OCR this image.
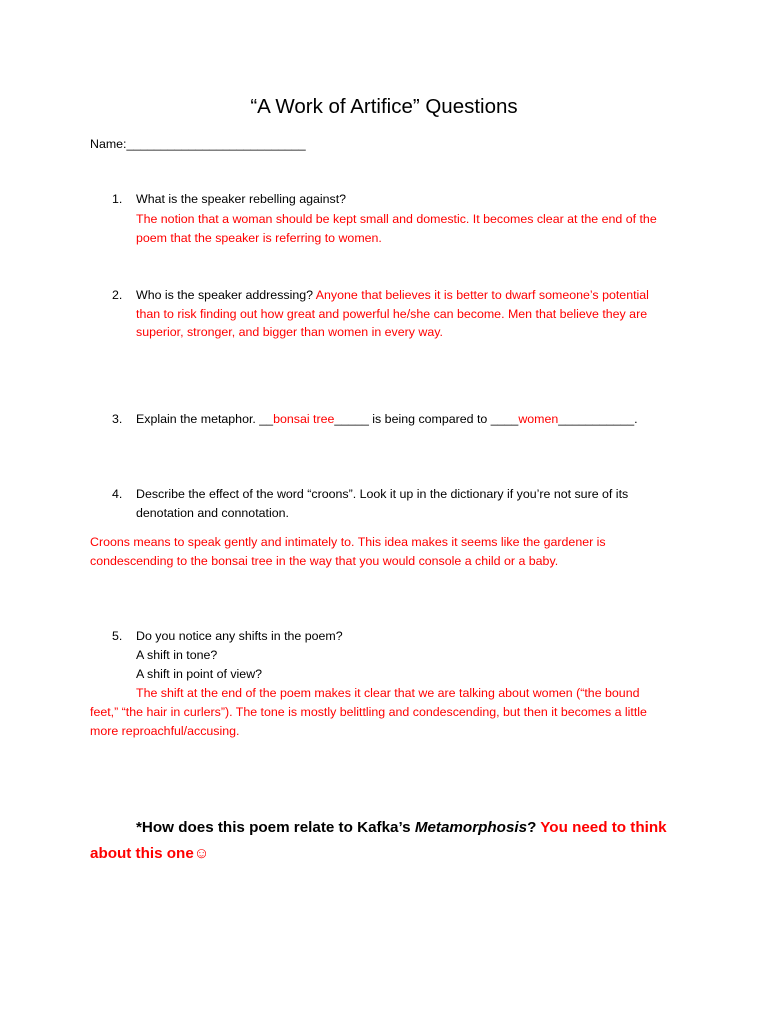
“A Work of Artifice” Questions
Name:__________________________
1. What is the speaker rebelling against?
The notion that a woman should be kept small and domestic. It becomes clear at the end of the
poem that the speaker is referring to women.
2. Who is the speaker addressing? Anyone that believes it is better to dwarf someone’s potential
than to risk finding out how great and powerful he/she can become. Men that believe they are
superior, stronger, and bigger than women in every way.
3. Explain the metaphor. __bonsai tree_____ is being compared to ____women___________.
4. Describe the effect of the word “croons”. Look it up in the dictionary if you’re not sure of its
denotation and connotation.
Croons means to speak gently and intimately to. This idea makes it seems like the gardener is
condescending to the bonsai tree in the way that you would console a child or a baby.
5. Do you notice any shifts in the poem?
A shift in tone?
A shift in point of view?
The shift at the end of the poem makes it clear that we are talking about women (“the bound
feet,” “the hair in curlers”). The tone is mostly belittling and condescending, but then it becomes a little
more reproachful/accusing.
*How does this poem relate to Kafka’s Metamorphosis? You need to think
about this one☺
